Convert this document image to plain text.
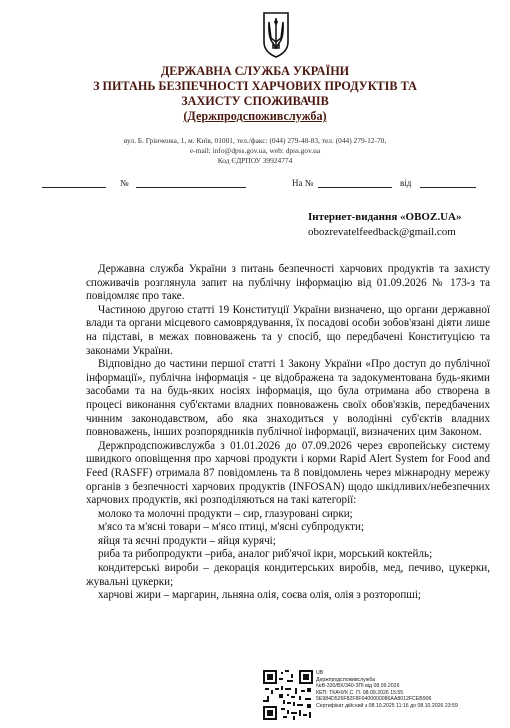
ДЕРЖАВНА СЛУЖБА УКРАЇНИ
З ПИТАНЬ БЕЗПЕЧНОСТІ ХАРЧОВИХ ПРОДУКТІВ ТА
ЗАХИСТУ СПОЖИВАЧІВ
(Держпродспоживслужба)
вул. Б. Грінченка, 1, м. Київ, 01001, тел./факс: (044) 279-48-83, тел. (044) 279-12-70,
e-mail: info@dpss.gov.ua, web: dpss.gov.ua
Код ЄДРПОУ 39924774
№	На №	від
Інтернет-видання «OBOZ.UA»
obozrevatelfeedback@gmail.com

Державна служба України з питань безпечності харчових продуктів та захисту споживачів розглянула запит на публічну інформацію від 01.09.2026 № 173-з та повідомляє про таке.

Частиною другою статті 19 Конституції України визначено, що органи державної влади та органи місцевого самоврядування, їх посадові особи зобов'язані діяти лише на підставі, в межах повноважень та у спосіб, що передбачені Конституцією та законами України.

Відповідно до частини першої статті 1 Закону України «Про доступ до публічної інформації», публічна інформація - це відображена та задокументована будь-якими засобами та на будь-яких носіях інформація, що була отримана або створена в процесі виконання суб'єктами владних повноважень своїх обов'язків, передбачених чинним законодавством, або яка знаходиться у володінні суб'єктів владних повноважень, інших розпорядників публічної інформації, визначених цим Законом.

Держпродспоживслужба з 01.01.2026 до 07.09.2026 через європейську систему швидкого оповіщення про харчові продукти і корми Rapid Alert System for Food and Feed (RASFF) отримала 87 повідомлень та 8 повідомлень через міжнародну мережу органів з безпечності харчових продуктів (INFOSAN) щодо шкідливих/небезпечних харчових продуктів, які розподіляються на такі категорії:

молоко та молочні продукти – сир, глазуровані сирки;
м'ясо та м'ясні товари – м'ясо птиці, м'ясні субпродукти;
яйця та яєчні продукти – яйця курячі;
риба та рибопродукти –риба, аналог риб'ячої ікри, морський коктейль;
кондитерські вироби – декорація кондитерських виробів, мед, печиво, цукерки, жувальні цукерки;
харчові жири – маргарин, льняна олія, соєва олія, олія з розторопші;
UB
Держпродспоживслужба
№В-330/ВХ/340-ЗПІ від 08.09.2026
КЕП: ТКАЧУК С. П. 08.09.2026 15:55
5E984D526F82F8F0400000086AA8012FCEB906
Сертифікат дійсний з 08.10.2025 11:16 до 08.10.2026 23:59
